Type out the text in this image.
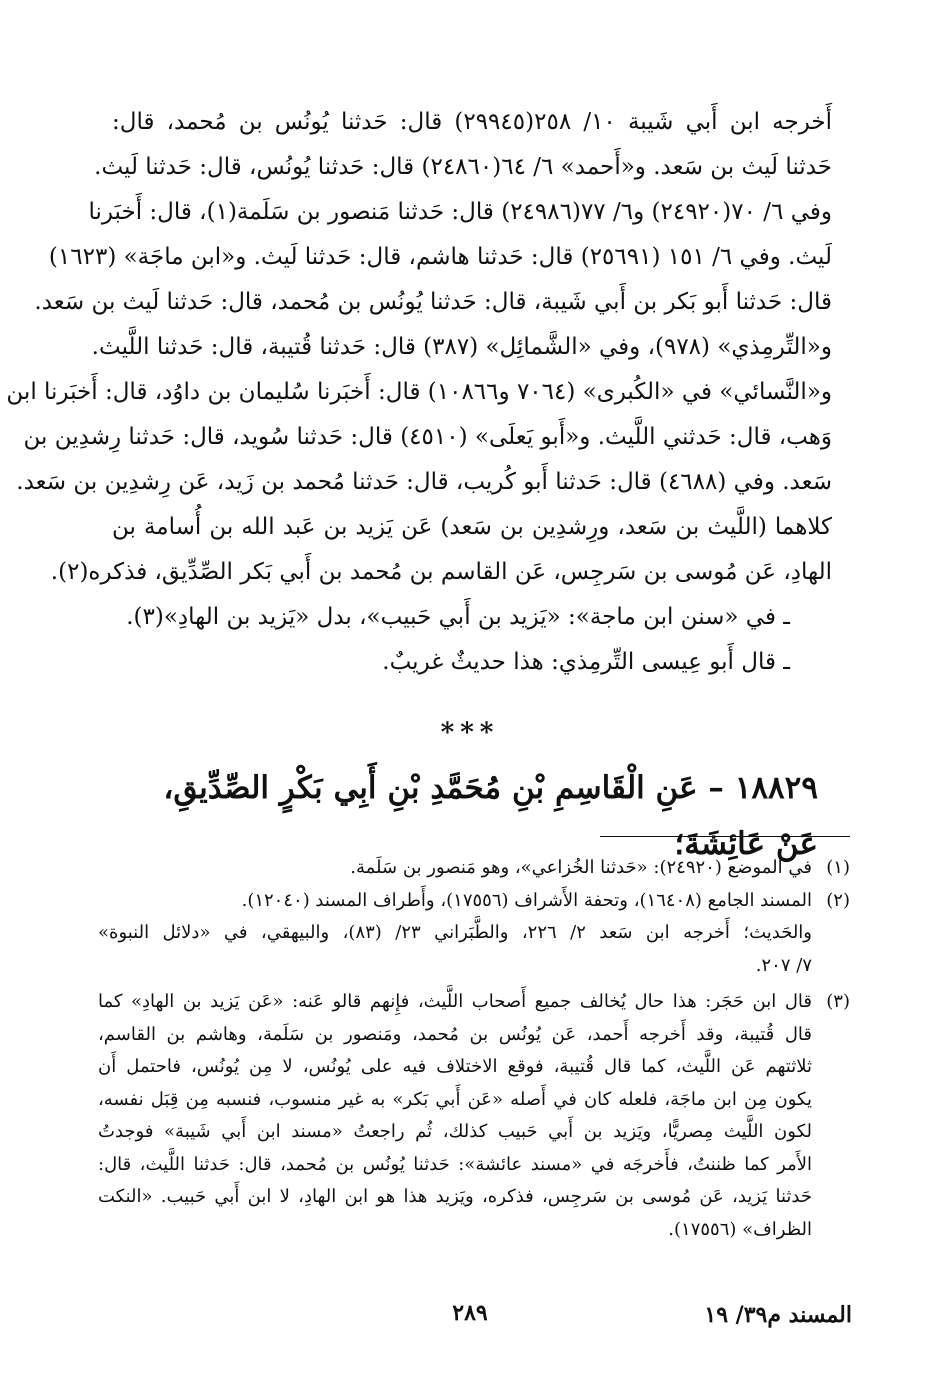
أَخرجه ابن أَبي شَيبة ١٠/ ٢٥٨(٢٩٩٤٥) قال: حَدثنا يُونُس بن مُحمد، قال:
حَدثنا لَيث بن سَعد. و«أَحمد» ٦/ ٦٤(٢٤٨٦٠) قال: حَدثنا يُونُس، قال: حَدثنا لَيث.
وفي ٦/ ٧٠(٢٤٩٢٠) و٦/ ٧٧(٢٤٩٨٦) قال: حَدثنا مَنصور بن سَلَمة(١)، قال: أَخبَرنا
لَيث. وفي ٦/ ١٥١ (٢٥٦٩١) قال: حَدثنا هاشم، قال: حَدثنا لَيث. و«ابن ماجَة» (١٦٢٣)
قال: حَدثنا أَبو بَكر بن أَبي شَيبة، قال: حَدثنا يُونُس بن مُحمد، قال: حَدثنا لَيث بن سَعد.
و«التِّرمِذي» (٩٧٨)، وفي «الشَّمائِل» (٣٨٧) قال: حَدثنا قُتيبة، قال: حَدثنا اللَّيث.
و«النَّسائي» في «الكُبرى» (٧٠٦٤ و١٠٨٦٦) قال: أَخبَرنا سُليمان بن داوُد، قال: أَخبَرنا ابن
وَهب، قال: حَدثني اللَّيث. و«أَبو يَعلَى» (٤٥١٠) قال: حَدثنا سُويد، قال: حَدثنا رِشدِين بن
سَعد. وفي (٤٦٨٨) قال: حَدثنا أَبو كُريب، قال: حَدثنا مُحمد بن زَيد، عَن رِشدِين بن سَعد.
كلاهما (اللَّيث بن سَعد، ورِشدِين بن سَعد) عَن يَزيد بن عَبد الله بن أُسامة بن
الهادِ، عَن مُوسى بن سَرجِس، عَن القاسم بن مُحمد بن أَبي بَكر الصِّدِّيق، فذكره(٢).
ـ في «سنن ابن ماجة»: «يَزيد بن أَبي حَبيب»، بدل «يَزيد بن الهادِ»(٣).
ـ قال أَبو عِيسى التِّرمِذي: هذا حديثٌ غريبٌ.
***
١٨٨٢٩ – عَنِ الْقَاسِمِ بْنِ مُحَمَّدِ بْنِ أَبِي بَكْرٍ الصِّدِّيقِ، عَنْ عَائِشَةَ؛
(١)
في الموضع (٢٤٩٢٠): «حَدثنا الخُزاعي»، وهو مَنصور بن سَلَمة.
(٢)
المسند الجامع (١٦٤٠٨)، وتحفة الأَشراف (١٧٥٥٦)، وأَطراف المسند (١٢٠٤٠).
والحَديث؛ أَخرجه ابن سَعد ٢/ ٢٢٦، والطَّبَراني ٢٣/ (٨٣)، والبيهقي، في «دلائل النبوة»
٧/ ٢٠٧.
(٣)
قال ابن حَجَر: هذا حال يُخالف جميع أَصحاب اللَّيث، فإِنهم قالو عَنه: «عَن يَزيد بن الهادِ» كما
قال قُتيبة، وقد أَخرجه أَحمد، عَن يُونُس بن مُحمد، ومَنصور بن سَلَمة، وهاشم بن القاسم،
ثلاثتهم عَن اللَّيث، كما قال قُتيبة، فوقع الاختلاف فيه على يُونُس، لا مِن يُونُس، فاحتمل أَن
يكون مِن ابن ماجَة، فلعله كان في أَصله «عَن أَبي بَكر» به غير منسوب، فنسبه مِن قِبَل نفسه،
لكون اللَّيث مِصريًّا، ويَزيد بن أَبي حَبيب كذلك، ثُم راجعتُ «مسند ابن أَبي شَيبة» فوجدتُ
الأَمر كما ظننتُ، فأَخرجَه في «مسند عائشة»: حَدثنا يُونُس بن مُحمد، قال: حَدثنا اللَّيث، قال:
حَدثنا يَزيد، عَن مُوسى بن سَرجِس، فذكره، ويَزيد هذا هو ابن الهادِ، لا ابن أَبي حَبيب. «النكت
الظراف» (١٧٥٥٦).
٢٨٩	المسند م٣٩/ ١٩
